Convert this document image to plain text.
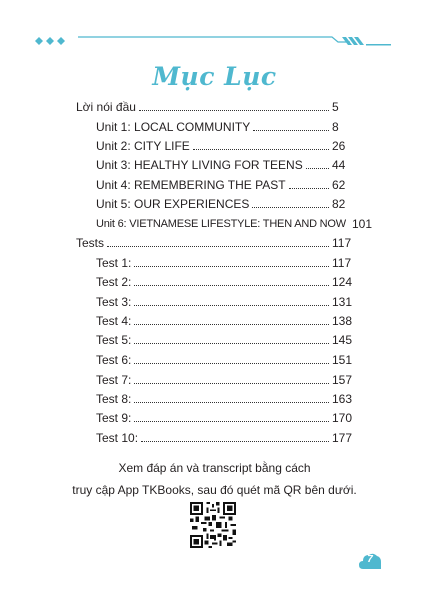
Mục Lục
Lời nói đầu	5
Unit 1: LOCAL COMMUNITY	8
Unit 2: CITY LIFE	26
Unit 3: HEALTHY LIVING FOR TEENS 44
Unit 4: REMEMBERING THE PAST	62
Unit 5: OUR EXPERIENCES	82
Unit 6: VIETNAMESE LIFESTYLE: THEN AND NOW 101
Tests	117
Test 1:	117
Test 2:	124
Test 3:	131
Test 4:	138
Test 5:	145
Test 6:	151
Test 7:	157
Test 8:	163
Test 9:	170
Test 10:	177
Xem đáp án và transcript bằng cách
truy cập App TKBooks, sau đó quét mã QR bên dưới.
7
